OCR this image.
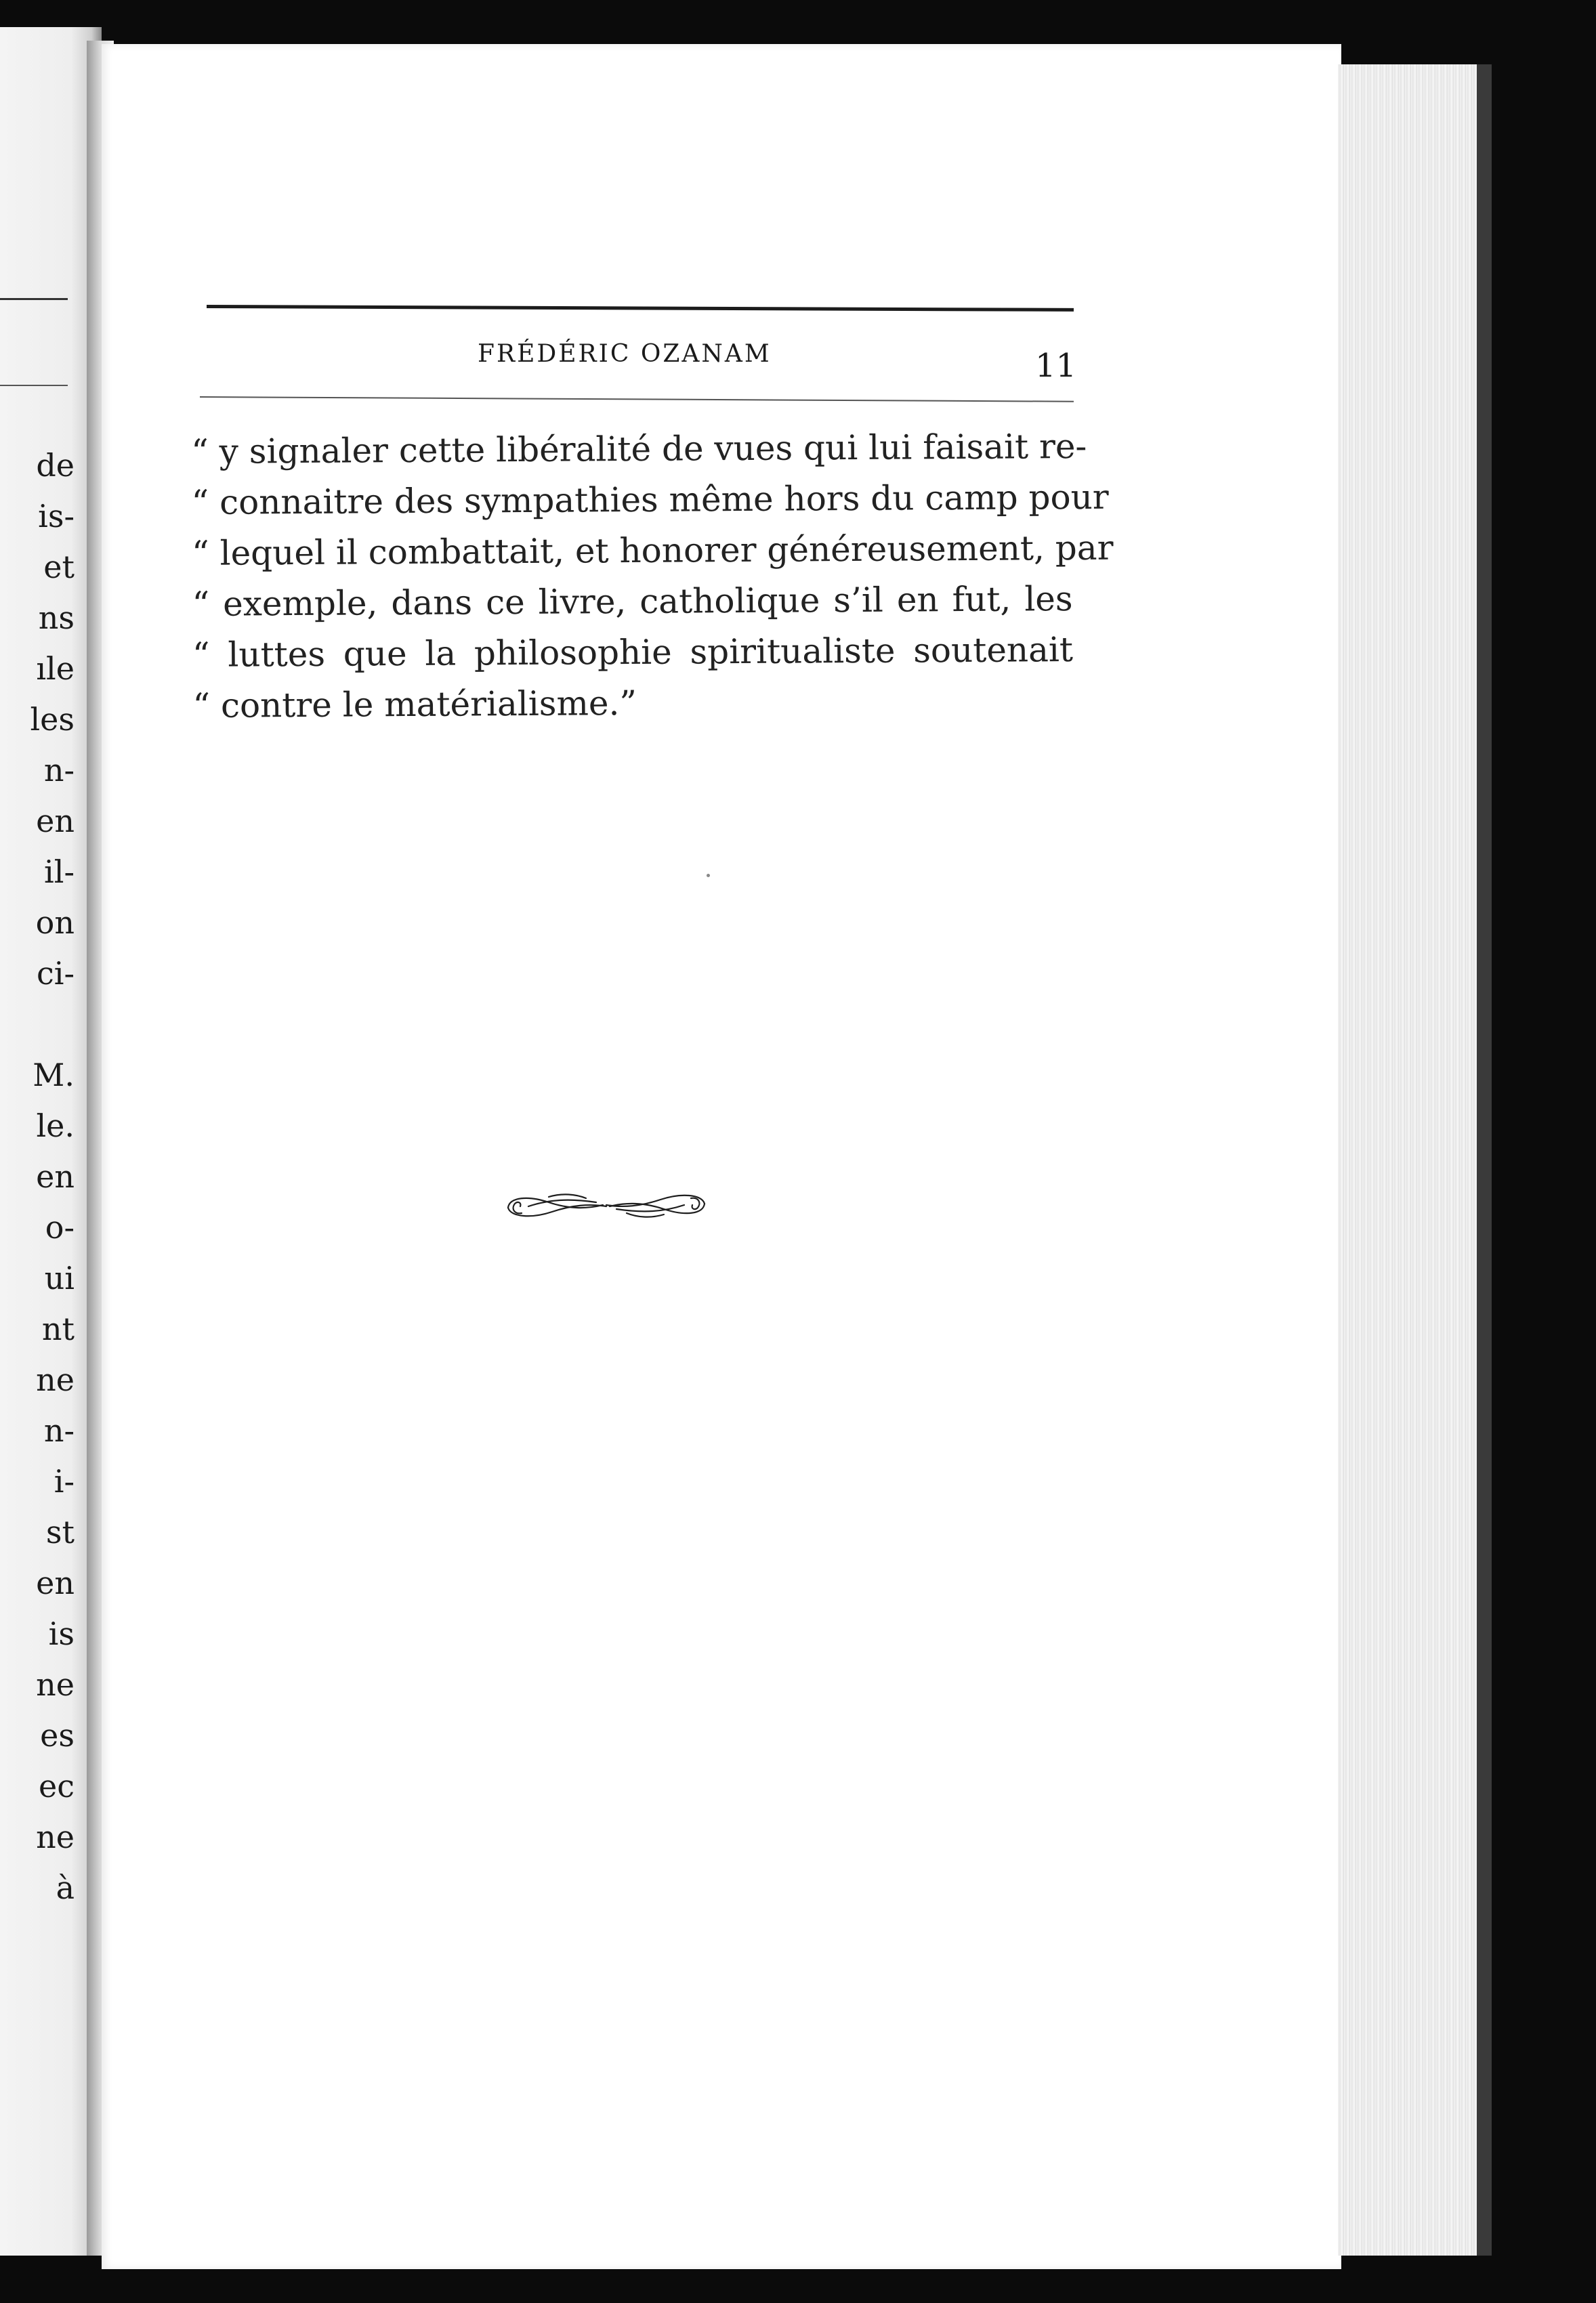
de
is-
et
ns
ıle
les
n-
en
il-
on
ci-
M.
le.
en
o-
ui
nt
ne
n-
i-
st
en
is
ne
es
ec
ne
à
FRÉDÉRIC OZANAM	11
“ y signaler cette libéralité de vues qui lui faisait re-
“ connaitre des sympathies même hors du camp pour
“ lequel il combattait, et honorer généreusement, par
“ exemple, dans ce livre, catholique s’il en fut, les
“ luttes que la philosophie spiritualiste soutenait
“ contre le matérialisme.”
